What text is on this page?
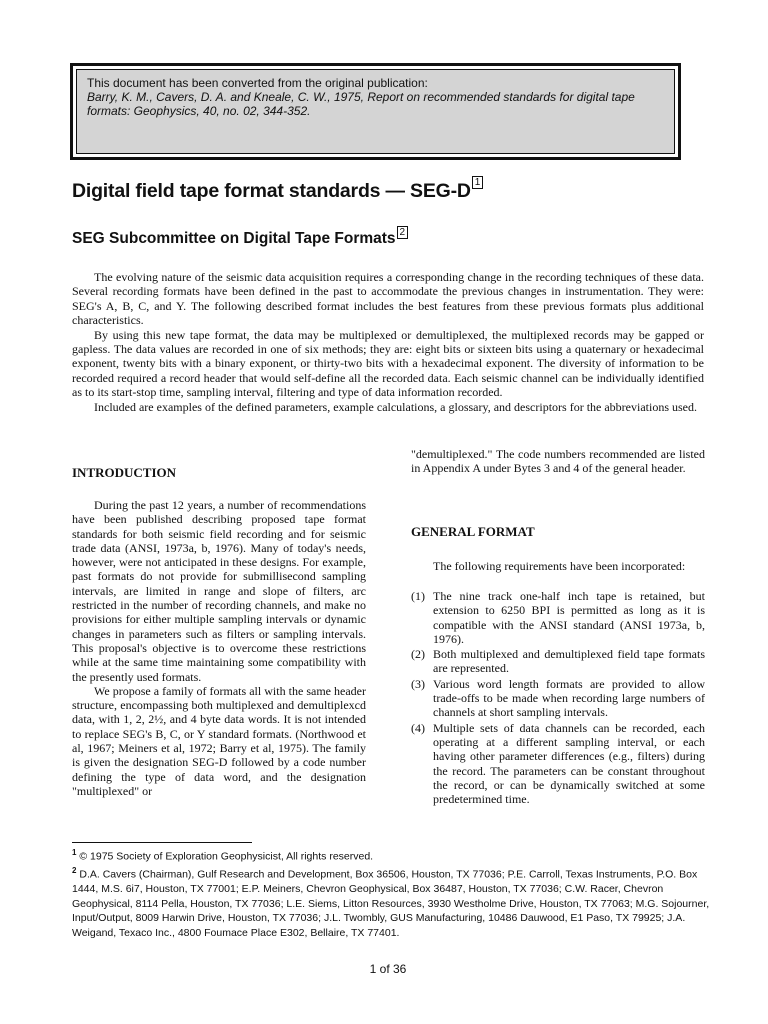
This document has been converted from the original publication:
Barry, K. M., Cavers, D. A. and Kneale, C. W., 1975, Report on recommended standards for digital tape formats: Geophysics, 40, no. 02, 344-352.
Digital field tape format standards — SEG-D 1
SEG Subcommittee on Digital Tape Formats 2

The evolving nature of the seismic data acquisition requires a corresponding change in the recording techniques of these data. Several recording formats have been defined in the past to accommodate the previous changes in instrumentation. They were: SEG's A, B, C, and Y. The following described format includes the best features from these previous formats plus additional characteristics.

By using this new tape format, the data may be multiplexed or demultiplexed, the multiplexed records may be gapped or gapless. The data values are recorded in one of six methods; they are: eight bits or sixteen bits using a quaternary or hexadecimal exponent, twenty bits with a binary exponent, or thirty-two bits with a hexadecimal exponent. The diversity of information to be recorded required a record header that would self-define all the recorded data. Each seismic channel can be individually identified as to its start-stop time, sampling interval, filtering and type of data information recorded.

Included are examples of the defined parameters, example calculations, a glossary, and descriptors for the abbreviations used.

INTRODUCTION

During the past 12 years, a number of recommendations have been published describing proposed tape format standards for both seismic field recording and for seismic trade data (ANSI, 1973a, b, 1976). Many of today's needs, however, were not anticipated in these designs. For example, past formats do not provide for submillisecond sampling intervals, are limited in range and slope of filters, arc restricted in the number of recording channels, and make no provisions for either multiple sampling intervals or dynamic changes in parameters such as filters or sampling intervals. This proposal's objective is to overcome these restrictions while at the same time maintaining some compatibility with the presently used formats.

We propose a family of formats all with the same header structure, encompassing both multiplexed and demultiplexcd data, with 1, 2, 2½, and 4 byte data words. It is not intended to replace SEG's B, C, or Y standard formats. (Northwood et al, 1967; Meiners et al, 1972; Barry et al, 1975). The family is given the designation SEG-D followed by a code number defining the type of data word, and the designation "multiplexed" or

"demultiplexed." The code numbers recommended are listed in Appendix A under Bytes 3 and 4 of the general header.

GENERAL FORMAT
The following requirements have been incorporated:
(1) The nine track one-half inch tape is retained, but extension to 6250 BPI is permitted as long as it is compatible with the ANSI standard (ANSI 1973a, b, 1976).
(2) Both multiplexed and demultiplexed field tape formats are represented.
(3) Various word length formats are provided to allow trade-offs to be made when recording large numbers of channels at short sampling intervals.
(4) Multiple sets of data channels can be recorded, each operating at a different sampling interval, or each having other parameter differences (e.g., filters) during the record. The parameters can be constant throughout the record, or can be dynamically switched at some predetermined time.
$^1$ © 1975 Society of Exploration Geophysicist, All rights reserved.
$^2$ D.A. Cavers (Chairman), Gulf Research and Development, Box 36506, Houston, TX 77036; P.E. Carroll, Texas Instruments, P.O. Box 1444, M.S. 6i7, Houston, TX 77001; E.P. Meiners, Chevron Geophysical, Box 36487, Houston, TX 77036; C.W. Racer, Chevron Geophysical, 8114 Pella, Houston, TX 77036; L.E. Siems, Litton Resources, 3930 Westholme Drive, Houston, TX 77063; M.G. Sojourner, Input/Output, 8009 Harwin Drive, Houston, TX 77036; J.L. Twombly, GUS Manufacturing, 10486 Dauwood, E1 Paso, TX 79925; J.A. Weigand, Texaco Inc., 4800 Foumace Place E302, Bellaire, TX 77401.
1 of 36
